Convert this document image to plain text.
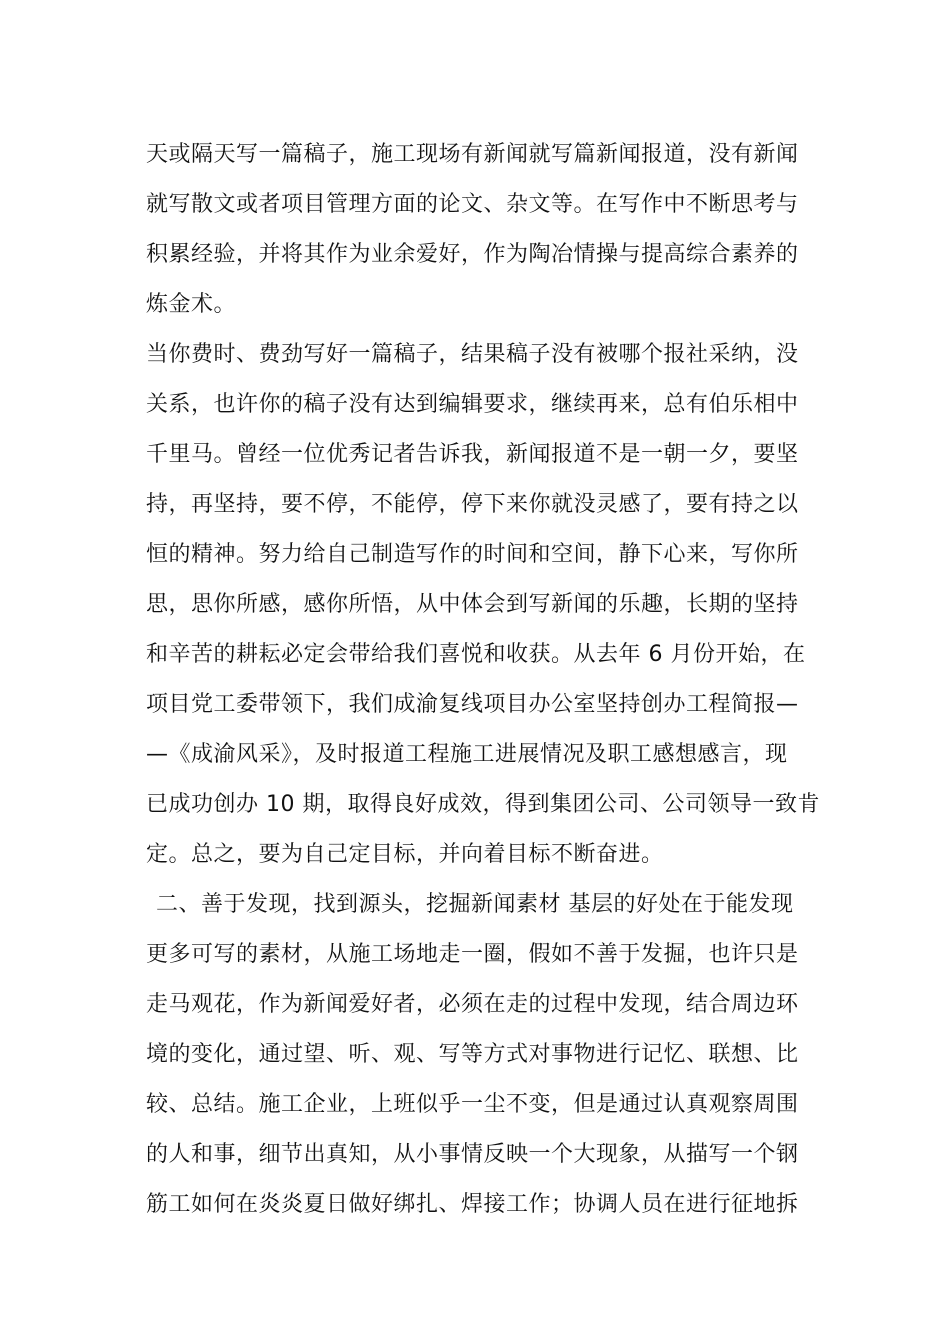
天或隔天写一篇稿子，施工现场有新闻就写篇新闻报道，没有新闻
就写散文或者项目管理方面的论文、杂文等。在写作中不断思考与
积累经验，并将其作为业余爱好，作为陶冶情操与提高综合素养的
炼金术。
当你费时、费劲写好一篇稿子，结果稿子没有被哪个报社采纳，没
关系，也许你的稿子没有达到编辑要求，继续再来，总有伯乐相中
千里马。曾经一位优秀记者告诉我，新闻报道不是一朝一夕，要坚
持，再坚持，要不停，不能停，停下来你就没灵感了，要有持之以
恒的精神。努力给自己制造写作的时间和空间，静下心来，写你所
思，思你所感，感你所悟，从中体会到写新闻的乐趣，长期的坚持
和辛苦的耕耘必定会带给我们喜悦和收获。从去年 6 月份开始，在
项目党工委带领下，我们成渝复线项目办公室坚持创办工程简报—
—《成渝风采》，及时报道工程施工进展情况及职工感想感言，现
已成功创办 10 期，取得良好成效，得到集团公司、公司领导一致肯
定。总之，要为自己定目标，并向着目标不断奋进。
二、善于发现，找到源头，挖掘新闻素材 基层的好处在于能发现
更多可写的素材，从施工场地走一圈，假如不善于发掘，也许只是
走马观花，作为新闻爱好者，必须在走的过程中发现，结合周边环
境的变化，通过望、听、观、写等方式对事物进行记忆、联想、比
较、总结。施工企业，上班似乎一尘不变，但是通过认真观察周围
的人和事，细节出真知，从小事情反映一个大现象，从描写一个钢
筋工如何在炎炎夏日做好绑扎、焊接工作；协调人员在进行征地拆
